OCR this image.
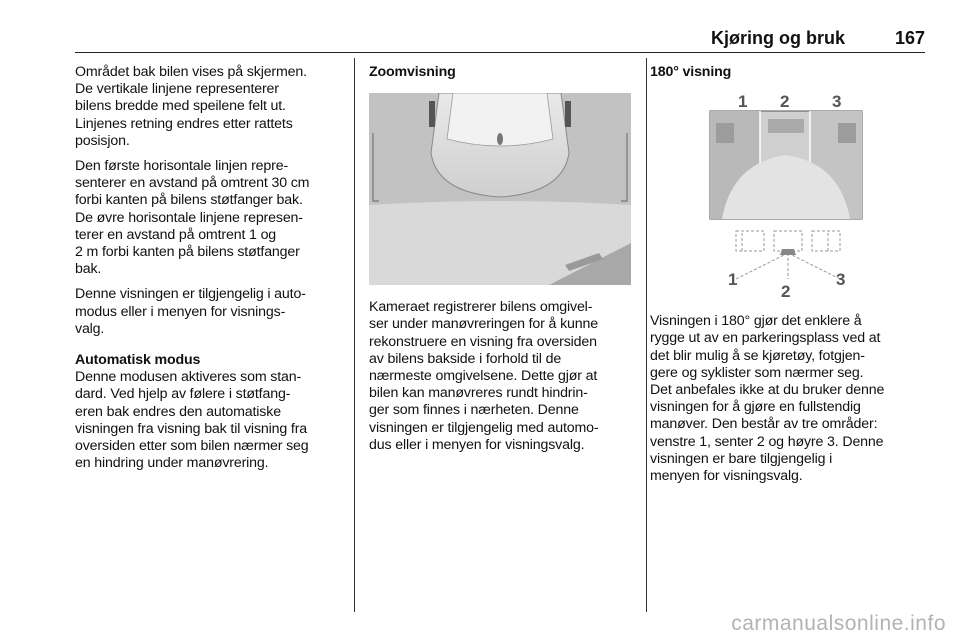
Kjøring og bruk	167

Området bak bilen vises på skjermen.
De vertikale linjene representerer
bilens bredde med speilene felt ut.
Linjenes retning endres etter rattets
posisjon.

Den første horisontale linjen repre-
senterer en avstand på omtrent 30 cm
forbi kanten på bilens støtfanger bak.
De øvre horisontale linjene represen-
terer en avstand på omtrent 1 og
2 m forbi kanten på bilens støtfanger
bak.

Denne visningen er tilgjengelig i auto-
modus eller i menyen for visnings-
valg.

Automatisk modus

Denne modusen aktiveres som stan-
dard. Ved hjelp av følere i støtfang-
eren bak endres den automatiske
visningen fra visning bak til visning fra
oversiden etter som bilen nærmer seg
en hindring under manøvrering.

Zoomvisning

Kameraet registrerer bilens omgivel-
ser under manøvreringen for å kunne
rekonstruere en visning fra oversiden
av bilens bakside i forhold til de
nærmeste omgivelsene. Dette gjør at
bilen kan manøvreres rundt hindrin-
ger som finnes i nærheten. Denne
visningen er tilgjengelig med automo-
dus eller i menyen for visningsvalg.

180° visning

1 2	3
1
2
3

Visningen i 180° gjør det enklere å
rygge ut av en parkeringsplass ved at
det blir mulig å se kjøretøy, fotgjen-
gere og syklister som nærmer seg.
Det anbefales ikke at du bruker denne
visningen for å gjøre en fullstendig
manøver. Den består av tre områder:
venstre 1, senter 2 og høyre 3. Denne
visningen er bare tilgjengelig i
menyen for visningsvalg.

carmanualsonline.info
